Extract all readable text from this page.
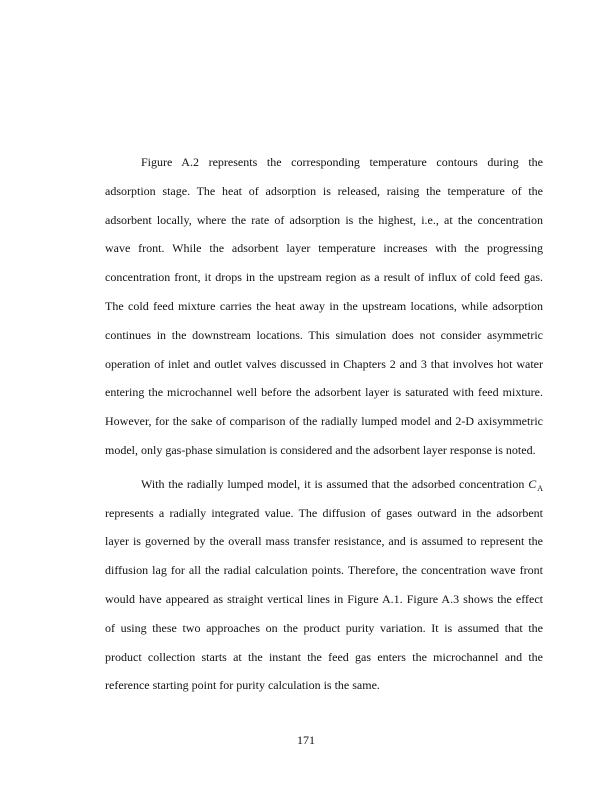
Figure A.2 represents the corresponding temperature contours during the
adsorption stage. The heat of adsorption is released, raising the temperature of the
adsorbent locally, where the rate of adsorption is the highest, i.e., at the concentration
wave front. While the adsorbent layer temperature increases with the progressing
concentration front, it drops in the upstream region as a result of influx of cold feed gas.
The cold feed mixture carries the heat away in the upstream locations, while adsorption
continues in the downstream locations. This simulation does not consider asymmetric
operation of inlet and outlet valves discussed in Chapters 2 and 3 that involves hot water
entering the microchannel well before the adsorbent layer is saturated with feed mixture.
However, for the sake of comparison of the radially lumped model and 2-D axisymmetric
model, only gas-phase simulation is considered and the adsorbent layer response is noted.
With the radially lumped model, it is assumed that the adsorbed concentration $C_A$
represents a radially integrated value. The diffusion of gases outward in the adsorbent
layer is governed by the overall mass transfer resistance, and is assumed to represent the
diffusion lag for all the radial calculation points. Therefore, the concentration wave front
would have appeared as straight vertical lines in Figure A.1. Figure A.3 shows the effect
of using these two approaches on the product purity variation. It is assumed that the
product collection starts at the instant the feed gas enters the microchannel and the
reference starting point for purity calculation is the same.
171
